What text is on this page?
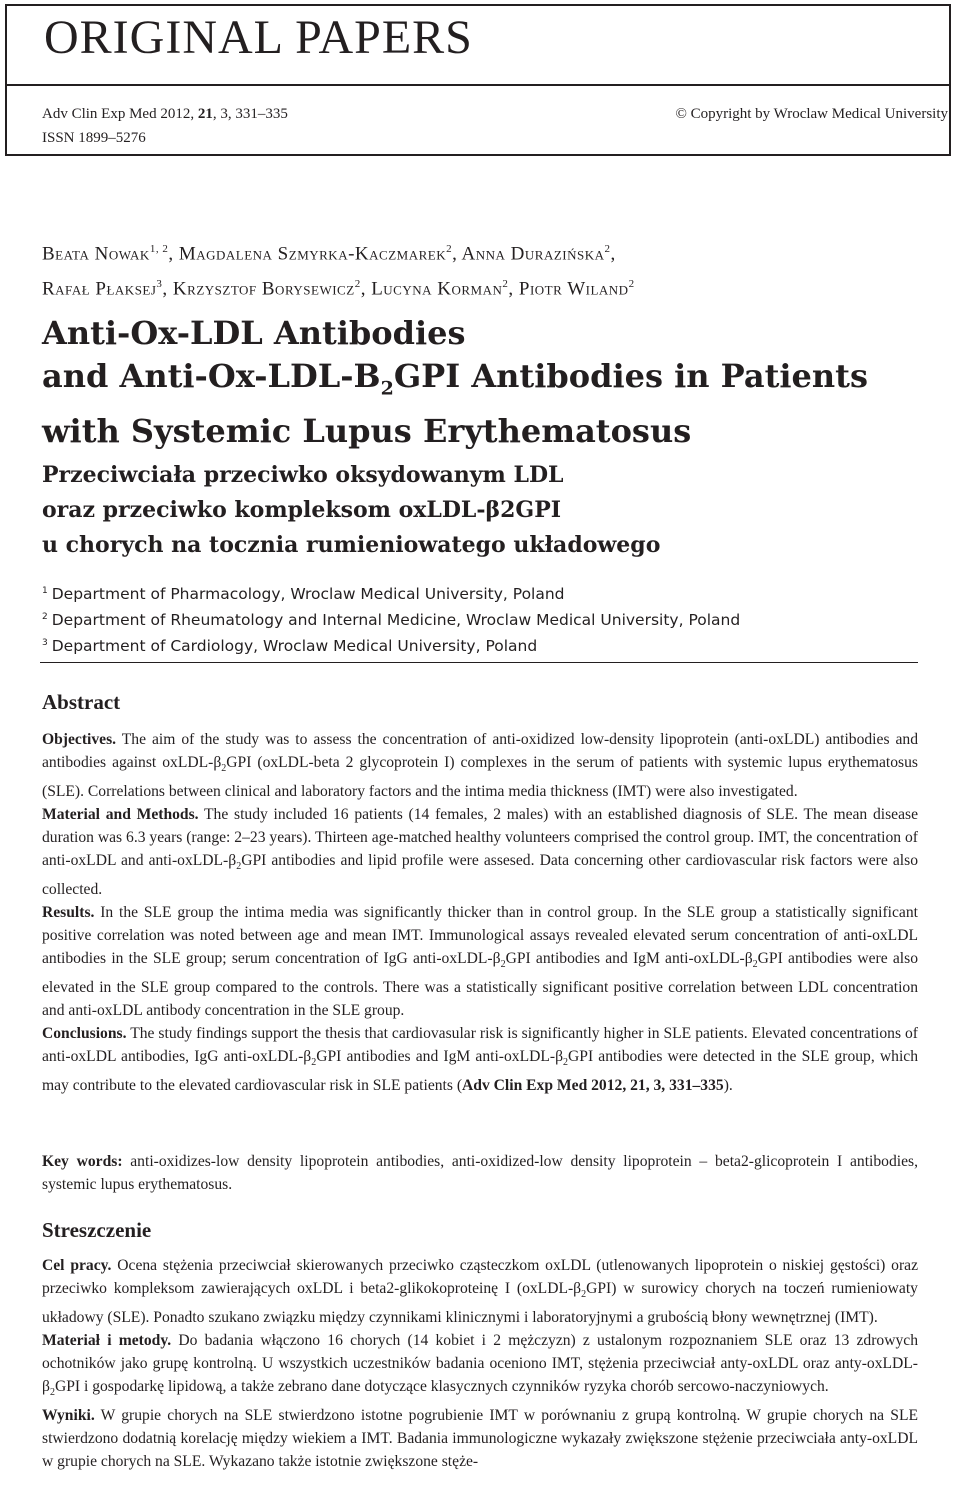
ORIGINAL PAPERS
Adv Clin Exp Med 2012, 21, 3, 331–335
ISSN 1899–5276
© Copyright by Wroclaw Medical University
Beata Nowak$^{1, 2}$, Magdalena Szmyrka-Kaczmarek$^2$, Anna Durazińska$^2$,
Rafał Płaksej$^3$, Krzysztof Borysewicz$^2$, Lucyna Korman$^2$, Piotr Wiland$^2$
Anti-Ox-LDL Antibodies
and Anti-$Ox-LDL-B_2GPI$ Antibodies in Patients
with Systemic Lupus Erythematosus
Przeciwciała przeciwko oksydowanym LDL
oraz przeciwko kompleksom oxLDL-β2GPI
u chorych na tocznia rumieniowatego układowego
$^1$ Department of Pharmacology, Wroclaw Medical University, Poland
$^2$ Department of Rheumatology and Internal Medicine, Wroclaw Medical University, Poland
$^3$ Department of Cardiology, Wroclaw Medical University, Poland
Abstract
Objectives. The aim of the study was to assess the concentration of anti-oxidized low-density lipoprotein (anti-oxLDL) antibodies and antibodies against oxLDL-$\beta_2GPI$ (oxLDL-beta 2 glycoprotein I) complexes in the serum of patients with systemic lupus erythematosus (SLE). Correlations between clinical and laboratory factors and the intima media thickness (IMT) were also investigated.
Material and Methods. The study included 16 patients (14 females, 2 males) with an established diagnosis of SLE. The mean disease duration was 6.3 years (range: 2–23 years). Thirteen age-matched healthy volunteers comprised the control group. IMT, the concentration of anti-oxLDL and anti-$oxLDL-\beta_2GPI$ antibodies and lipid profile were assesed. Data concerning other cardiovascular risk factors were also collected.
Results. In the SLE group the intima media was significantly thicker than in control group. In the SLE group a statistically significant positive correlation was noted between age and mean IMT. Immunological assays revealed elevated serum concentration of anti-oxLDL antibodies in the SLE group; serum concentration of IgG anti-$oxLDL-\beta_2GPI$ antibodies and IgM anti-$oxLDL-\beta_2GPI$ antibodies were also elevated in the SLE group compared to the controls. There was a statistically significant positive correlation between LDL concentration and anti-oxLDL antibody concentration in the SLE group.
Conclusions. The study findings support the thesis that cardiovasular risk is significantly higher in SLE patients. Elevated concentrations of anti-oxLDL antibodies, IgG anti-$oxLDL-\beta_2GPI$ antibodies and IgM anti-$oxLDL-\beta_2GPI$ antibodies were detected in the SLE group, which may contribute to the elevated cardiovascular risk in SLE patients (Adv Clin Exp Med 2012, 21, 3, 331–335).
Key words: anti-oxidizes-low density lipoprotein antibodies, anti-oxidized-low density lipoprotein – beta2-glicoprotein I antibodies, systemic lupus erythematosus.
Streszczenie
Cel pracy. Ocena stężenia przeciwciał skierowanych przeciwko cząsteczkom oxLDL (utlenowanych lipoprotein o niskiej gęstości) oraz przeciwko kompleksom zawierających oxLDL i beta2-glikokoproteinę I $(oxLDL-\beta_2GPI)$ w surowicy chorych na toczeń rumieniowaty układowy (SLE). Ponadto szukano związku między czynnikami klinicznymi i laboratoryjnymi a grubością błony wewnętrznej (IMT).
Materiał i metody. Do badania włączono 16 chorych (14 kobiet i 2 mężczyzn) z ustalonym rozpoznaniem SLE oraz 13 zdrowych ochotników jako grupę kontrolną. U wszystkich uczestników badania oceniono IMT, stężenia przeciwciał anty-oxLDL oraz anty-$oxLDL-\beta_2GPI$ i gospodarkę lipidową, a także zebrano dane dotyczące klasycznych czynników ryzyka chorób sercowo-naczyniowych.
Wyniki. W grupie chorych na SLE stwierdzono istotne pogrubienie IMT w porównaniu z grupą kontrolną. W grupie chorych na SLE stwierdzono dodatnią korelację między wiekiem a IMT. Badania immunologiczne wykazały zwiększone stężenie przeciwciała anty-oxLDL w grupie chorych na SLE. Wykazano także istotnie zwiększone stęże-
